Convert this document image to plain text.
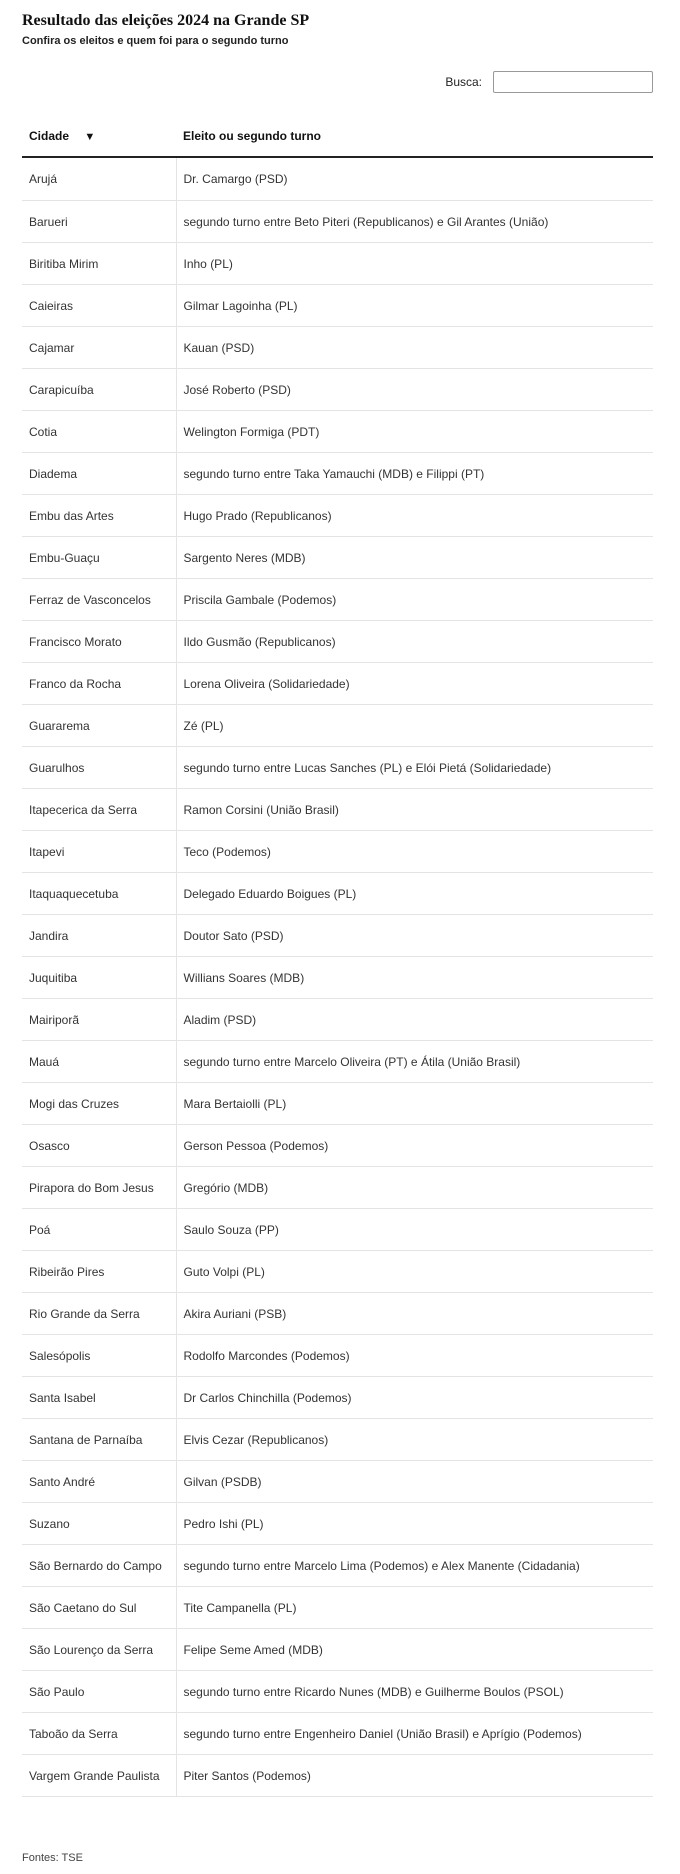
Resultado das eleições 2024 na Grande SP

Confira os eleitos e quem foi para o segundo turno

Busca:
Cidade ▼	Eleito ou segundo turno
Arujá	Dr. Camargo (PSD)
Barueri	segundo turno entre Beto Piteri (Republicanos) e Gil Arantes (União)
Biritiba Mirim	Inho (PL)
Caieiras	Gilmar Lagoinha (PL)
Cajamar	Kauan (PSD)
Carapicuíba	José Roberto (PSD)
Cotia	Welington Formiga (PDT)
Diadema	segundo turno entre Taka Yamauchi (MDB) e Filippi (PT)
Embu das Artes	Hugo Prado (Republicanos)
Embu-Guaçu	Sargento Neres (MDB)
Ferraz de Vasconcelos	Priscila Gambale (Podemos)
Francisco Morato	Ildo Gusmão (Republicanos)
Franco da Rocha	Lorena Oliveira (Solidariedade)
Guararema	Zé (PL)
Guarulhos	segundo turno entre Lucas Sanches (PL) e Elói Pietá (Solidariedade)
Itapecerica da Serra	Ramon Corsini (União Brasil)
Itapevi	Teco (Podemos)
Itaquaquecetuba	Delegado Eduardo Boigues (PL)
Jandira	Doutor Sato (PSD)
Juquitiba	Willians Soares (MDB)
Mairiporã	Aladim (PSD)
Mauá	segundo turno entre Marcelo Oliveira (PT) e Átila (União Brasil)
Mogi das Cruzes	Mara Bertaiolli (PL)
Osasco	Gerson Pessoa (Podemos)
Pirapora do Bom Jesus	Gregório (MDB)
Poá	Saulo Souza (PP)
Ribeirão Pires	Guto Volpi (PL)
Rio Grande da Serra	Akira Auriani (PSB)
Salesópolis	Rodolfo Marcondes (Podemos)
Santa Isabel	Dr Carlos Chinchilla (Podemos)
Santana de Parnaíba	Elvis Cezar (Republicanos)
Santo André	Gilvan (PSDB)
Suzano	Pedro Ishi (PL)
São Bernardo do Campo	segundo turno entre Marcelo Lima (Podemos) e Alex Manente (Cidadania)
São Caetano do Sul	Tite Campanella (PL)
São Lourenço da Serra	Felipe Seme Amed (MDB)
São Paulo	segundo turno entre Ricardo Nunes (MDB) e Guilherme Boulos (PSOL)
Taboão da Serra	segundo turno entre Engenheiro Daniel (União Brasil) e Aprígio (Podemos)
Vargem Grande Paulista	Piter Santos (Podemos)
Fontes: TSE
